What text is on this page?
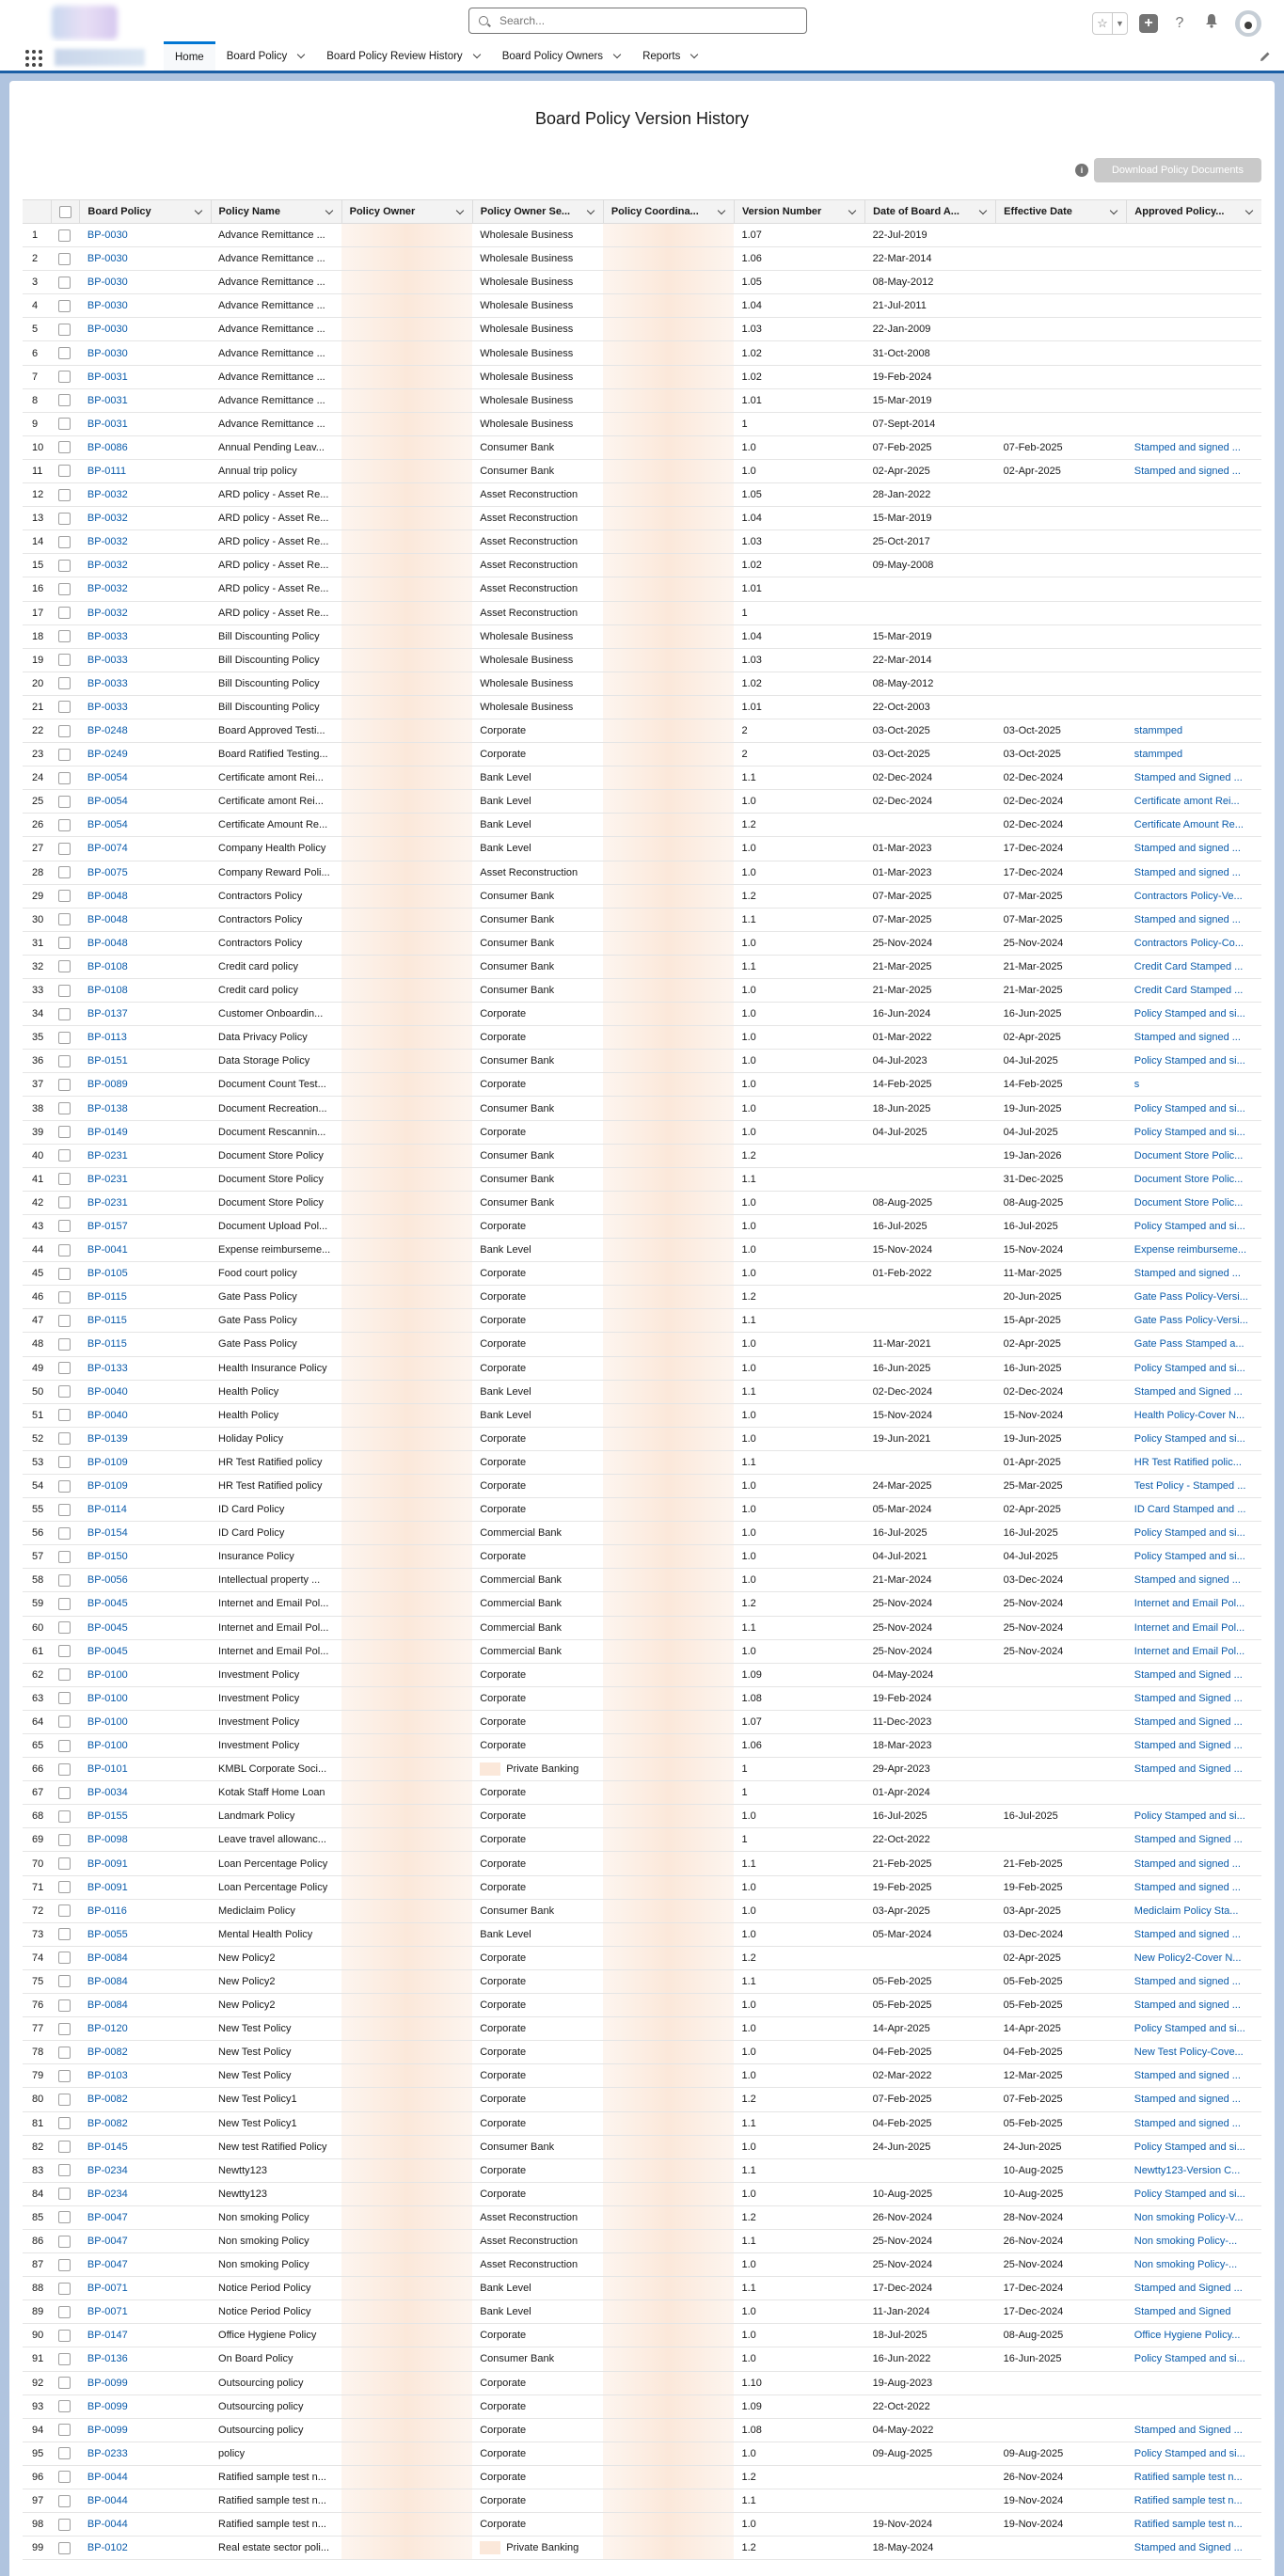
Search...
☆ ▼	+	?
Home Board Policy	Board Policy Review History	Board Policy Owners	Reports
Board Policy Version History
i	Download Policy Documents
		Board Policy	Policy Name	Policy Owner	Policy Owner Se...	Policy Coordina...	Version Number	Date of Board A...	Effective Date	Approved Policy...

1		BP-0030	Advance Remittance ...		Wholesale Business		1.07	22-Jul-2019		
2		BP-0030	Advance Remittance ...		Wholesale Business		1.06	22-Mar-2014		
3		BP-0030	Advance Remittance ...		Wholesale Business		1.05	08-May-2012		
4		BP-0030	Advance Remittance ...		Wholesale Business		1.04	21-Jul-2011		
5		BP-0030	Advance Remittance ...		Wholesale Business		1.03	22-Jan-2009		
6		BP-0030	Advance Remittance ...		Wholesale Business		1.02	31-Oct-2008		
7		BP-0031	Advance Remittance ...		Wholesale Business		1.02	19-Feb-2024		
8		BP-0031	Advance Remittance ...		Wholesale Business		1.01	15-Mar-2019		
9		BP-0031	Advance Remittance ...		Wholesale Business		1	07-Sept-2014		
10		BP-0086	Annual Pending Leav...		Consumer Bank		1.0	07-Feb-2025	07-Feb-2025	Stamped and signed ...
11		BP-0111	Annual trip policy		Consumer Bank		1.0	02-Apr-2025	02-Apr-2025	Stamped and signed ...
12		BP-0032	ARD policy - Asset Re...		Asset Reconstruction		1.05	28-Jan-2022		
13		BP-0032	ARD policy - Asset Re...		Asset Reconstruction		1.04	15-Mar-2019		
14		BP-0032	ARD policy - Asset Re...		Asset Reconstruction		1.03	25-Oct-2017		
15		BP-0032	ARD policy - Asset Re...		Asset Reconstruction		1.02	09-May-2008		
16		BP-0032	ARD policy - Asset Re...		Asset Reconstruction		1.01			
17		BP-0032	ARD policy - Asset Re...		Asset Reconstruction		1			
18		BP-0033	Bill Discounting Policy		Wholesale Business		1.04	15-Mar-2019		
19		BP-0033	Bill Discounting Policy		Wholesale Business		1.03	22-Mar-2014		
20		BP-0033	Bill Discounting Policy		Wholesale Business		1.02	08-May-2012		
21		BP-0033	Bill Discounting Policy		Wholesale Business		1.01	22-Oct-2003		
22		BP-0248	Board Approved Testi...		Corporate		2	03-Oct-2025	03-Oct-2025	stammped
23		BP-0249	Board Ratified Testing...		Corporate		2	03-Oct-2025	03-Oct-2025	stammped
24		BP-0054	Certificate amont Rei...		Bank Level		1.1	02-Dec-2024	02-Dec-2024	Stamped and Signed ...
25		BP-0054	Certificate amont Rei...		Bank Level		1.0	02-Dec-2024	02-Dec-2024	Certificate amont Rei...
26		BP-0054	Certificate Amount Re...		Bank Level		1.2		02-Dec-2024	Certificate Amount Re...
27		BP-0074	Company Health Policy		Bank Level		1.0	01-Mar-2023	17-Dec-2024	Stamped and signed ...
28		BP-0075	Company Reward Poli...		Asset Reconstruction		1.0	01-Mar-2023	17-Dec-2024	Stamped and signed ...
29		BP-0048	Contractors Policy		Consumer Bank		1.2	07-Mar-2025	07-Mar-2025	Contractors Policy-Ve...
30		BP-0048	Contractors Policy		Consumer Bank		1.1	07-Mar-2025	07-Mar-2025	Stamped and signed ...
31		BP-0048	Contractors Policy		Consumer Bank		1.0	25-Nov-2024	25-Nov-2024	Contractors Policy-Co...
32		BP-0108	Credit card policy		Consumer Bank		1.1	21-Mar-2025	21-Mar-2025	Credit Card Stamped ...
33		BP-0108	Credit card policy		Consumer Bank		1.0	21-Mar-2025	21-Mar-2025	Credit Card Stamped ...
34		BP-0137	Customer Onboardin...		Corporate		1.0	16-Jun-2024	16-Jun-2025	Policy Stamped and si...
35		BP-0113	Data Privacy Policy		Corporate		1.0	01-Mar-2022	02-Apr-2025	Stamped and signed ...
36		BP-0151	Data Storage Policy		Consumer Bank		1.0	04-Jul-2023	04-Jul-2025	Policy Stamped and si...
37		BP-0089	Document Count Test...		Corporate		1.0	14-Feb-2025	14-Feb-2025	s
38		BP-0138	Document Recreation...		Consumer Bank		1.0	18-Jun-2025	19-Jun-2025	Policy Stamped and si...
39		BP-0149	Document Rescannin...		Corporate		1.0	04-Jul-2025	04-Jul-2025	Policy Stamped and si...
40		BP-0231	Document Store Policy		Consumer Bank		1.2		19-Jan-2026	Document Store Polic...
41		BP-0231	Document Store Policy		Consumer Bank		1.1		31-Dec-2025	Document Store Polic...
42		BP-0231	Document Store Policy		Consumer Bank		1.0	08-Aug-2025	08-Aug-2025	Document Store Polic...
43		BP-0157	Document Upload Pol...		Corporate		1.0	16-Jul-2025	16-Jul-2025	Policy Stamped and si...
44		BP-0041	Expense reimburseme...		Bank Level		1.0	15-Nov-2024	15-Nov-2024	Expense reimburseme...
45		BP-0105	Food court policy		Corporate		1.0	01-Feb-2022	11-Mar-2025	Stamped and signed ...
46		BP-0115	Gate Pass Policy		Corporate		1.2		20-Jun-2025	Gate Pass Policy-Versi...
47		BP-0115	Gate Pass Policy		Corporate		1.1		15-Apr-2025	Gate Pass Policy-Versi...
48		BP-0115	Gate Pass Policy		Corporate		1.0	11-Mar-2021	02-Apr-2025	Gate Pass Stamped a...
49		BP-0133	Health Insurance Policy		Corporate		1.0	16-Jun-2025	16-Jun-2025	Policy Stamped and si...
50		BP-0040	Health Policy		Bank Level		1.1	02-Dec-2024	02-Dec-2024	Stamped and Signed ...
51		BP-0040	Health Policy		Bank Level		1.0	15-Nov-2024	15-Nov-2024	Health Policy-Cover N...
52		BP-0139	Holiday Policy		Corporate		1.0	19-Jun-2021	19-Jun-2025	Policy Stamped and si...
53		BP-0109	HR Test Ratified policy		Corporate		1.1		01-Apr-2025	HR Test Ratified polic...
54		BP-0109	HR Test Ratified policy		Corporate		1.0	24-Mar-2025	25-Mar-2025	Test Policy - Stamped ...
55		BP-0114	ID Card Policy		Corporate		1.0	05-Mar-2024	02-Apr-2025	ID Card Stamped and ...
56		BP-0154	ID Card Policy		Commercial Bank		1.0	16-Jul-2025	16-Jul-2025	Policy Stamped and si...
57		BP-0150	Insurance Policy		Corporate		1.0	04-Jul-2021	04-Jul-2025	Policy Stamped and si...
58		BP-0056	Intellectual property ...		Commercial Bank		1.0	21-Mar-2024	03-Dec-2024	Stamped and signed ...
59		BP-0045	Internet and Email Pol...		Commercial Bank		1.2	25-Nov-2024	25-Nov-2024	Internet and Email Pol...
60		BP-0045	Internet and Email Pol...		Commercial Bank		1.1	25-Nov-2024	25-Nov-2024	Internet and Email Pol...
61		BP-0045	Internet and Email Pol...		Commercial Bank		1.0	25-Nov-2024	25-Nov-2024	Internet and Email Pol...
62		BP-0100	Investment Policy		Corporate		1.09	04-May-2024		Stamped and Signed ...
63		BP-0100	Investment Policy		Corporate		1.08	19-Feb-2024		Stamped and Signed ...
64		BP-0100	Investment Policy		Corporate		1.07	11-Dec-2023		Stamped and Signed ...
65		BP-0100	Investment Policy		Corporate		1.06	18-Mar-2023		Stamped and Signed ...
66		BP-0101	KMBL Corporate Soci...		Private Banking		1	29-Apr-2023		Stamped and Signed ...
67		BP-0034	Kotak Staff Home Loan		Corporate		1	01-Apr-2024		
68		BP-0155	Landmark Policy		Corporate		1.0	16-Jul-2025	16-Jul-2025	Policy Stamped and si...
69		BP-0098	Leave travel allowanc...		Corporate		1	22-Oct-2022		Stamped and Signed ...
70		BP-0091	Loan Percentage Policy		Corporate		1.1	21-Feb-2025	21-Feb-2025	Stamped and signed ...
71		BP-0091	Loan Percentage Policy		Corporate		1.0	19-Feb-2025	19-Feb-2025	Stamped and signed ...
72		BP-0116	Mediclaim Policy		Consumer Bank		1.0	03-Apr-2025	03-Apr-2025	Mediclaim Policy Sta...
73		BP-0055	Mental Health Policy		Bank Level		1.0	05-Mar-2024	03-Dec-2024	Stamped and signed ...
74		BP-0084	New Policy2		Corporate		1.2		02-Apr-2025	New Policy2-Cover N...
75		BP-0084	New Policy2		Corporate		1.1	05-Feb-2025	05-Feb-2025	Stamped and signed ...
76		BP-0084	New Policy2		Corporate		1.0	05-Feb-2025	05-Feb-2025	Stamped and signed ...
77		BP-0120	New Test Policy		Corporate		1.0	14-Apr-2025	14-Apr-2025	Policy Stamped and si...
78		BP-0082	New Test Policy		Corporate		1.0	04-Feb-2025	04-Feb-2025	New Test Policy-Cove...
79		BP-0103	New Test Policy		Corporate		1.0	02-Mar-2022	12-Mar-2025	Stamped and signed ...
80		BP-0082	New Test Policy1		Corporate		1.2	07-Feb-2025	07-Feb-2025	Stamped and signed ...
81		BP-0082	New Test Policy1		Corporate		1.1	04-Feb-2025	05-Feb-2025	Stamped and signed ...
82		BP-0145	New test Ratified Policy		Consumer Bank		1.0	24-Jun-2025	24-Jun-2025	Policy Stamped and si...
83		BP-0234	Newtty123		Corporate		1.1		10-Aug-2025	Newtty123-Version C...
84		BP-0234	Newtty123		Corporate		1.0	10-Aug-2025	10-Aug-2025	Policy Stamped and si...
85		BP-0047	Non smoking Policy		Asset Reconstruction		1.2	26-Nov-2024	28-Nov-2024	Non smoking Policy-V...
86		BP-0047	Non smoking Policy		Asset Reconstruction		1.1	25-Nov-2024	26-Nov-2024	Non smoking Policy-...
87		BP-0047	Non smoking Policy		Asset Reconstruction		1.0	25-Nov-2024	25-Nov-2024	Non smoking Policy-...
88		BP-0071	Notice Period Policy		Bank Level		1.1	17-Dec-2024	17-Dec-2024	Stamped and Signed ...
89		BP-0071	Notice Period Policy		Bank Level		1.0	11-Jan-2024	17-Dec-2024	Stamped and Signed
90		BP-0147	Office Hygiene Policy		Corporate		1.0	18-Jul-2025	08-Aug-2025	Office Hygiene Policy...
91		BP-0136	On Board Policy		Consumer Bank		1.0	16-Jun-2022	16-Jun-2025	Policy Stamped and si...
92		BP-0099	Outsourcing policy		Corporate		1.10	19-Aug-2023		
93		BP-0099	Outsourcing policy		Corporate		1.09	22-Oct-2022		
94		BP-0099	Outsourcing policy		Corporate		1.08	04-May-2022		Stamped and Signed ...
95		BP-0233	policy		Corporate		1.0	09-Aug-2025	09-Aug-2025	Policy Stamped and si...
96		BP-0044	Ratified sample test n...		Corporate		1.2		26-Nov-2024	Ratified sample test n...
97		BP-0044	Ratified sample test n...		Corporate		1.1		19-Nov-2024	Ratified sample test n...
98		BP-0044	Ratified sample test n...		Corporate		1.0	19-Nov-2024	19-Nov-2024	Ratified sample test n...
99		BP-0102	Real estate sector poli...		Private Banking		1.2	18-May-2024		Stamped and Signed ...
